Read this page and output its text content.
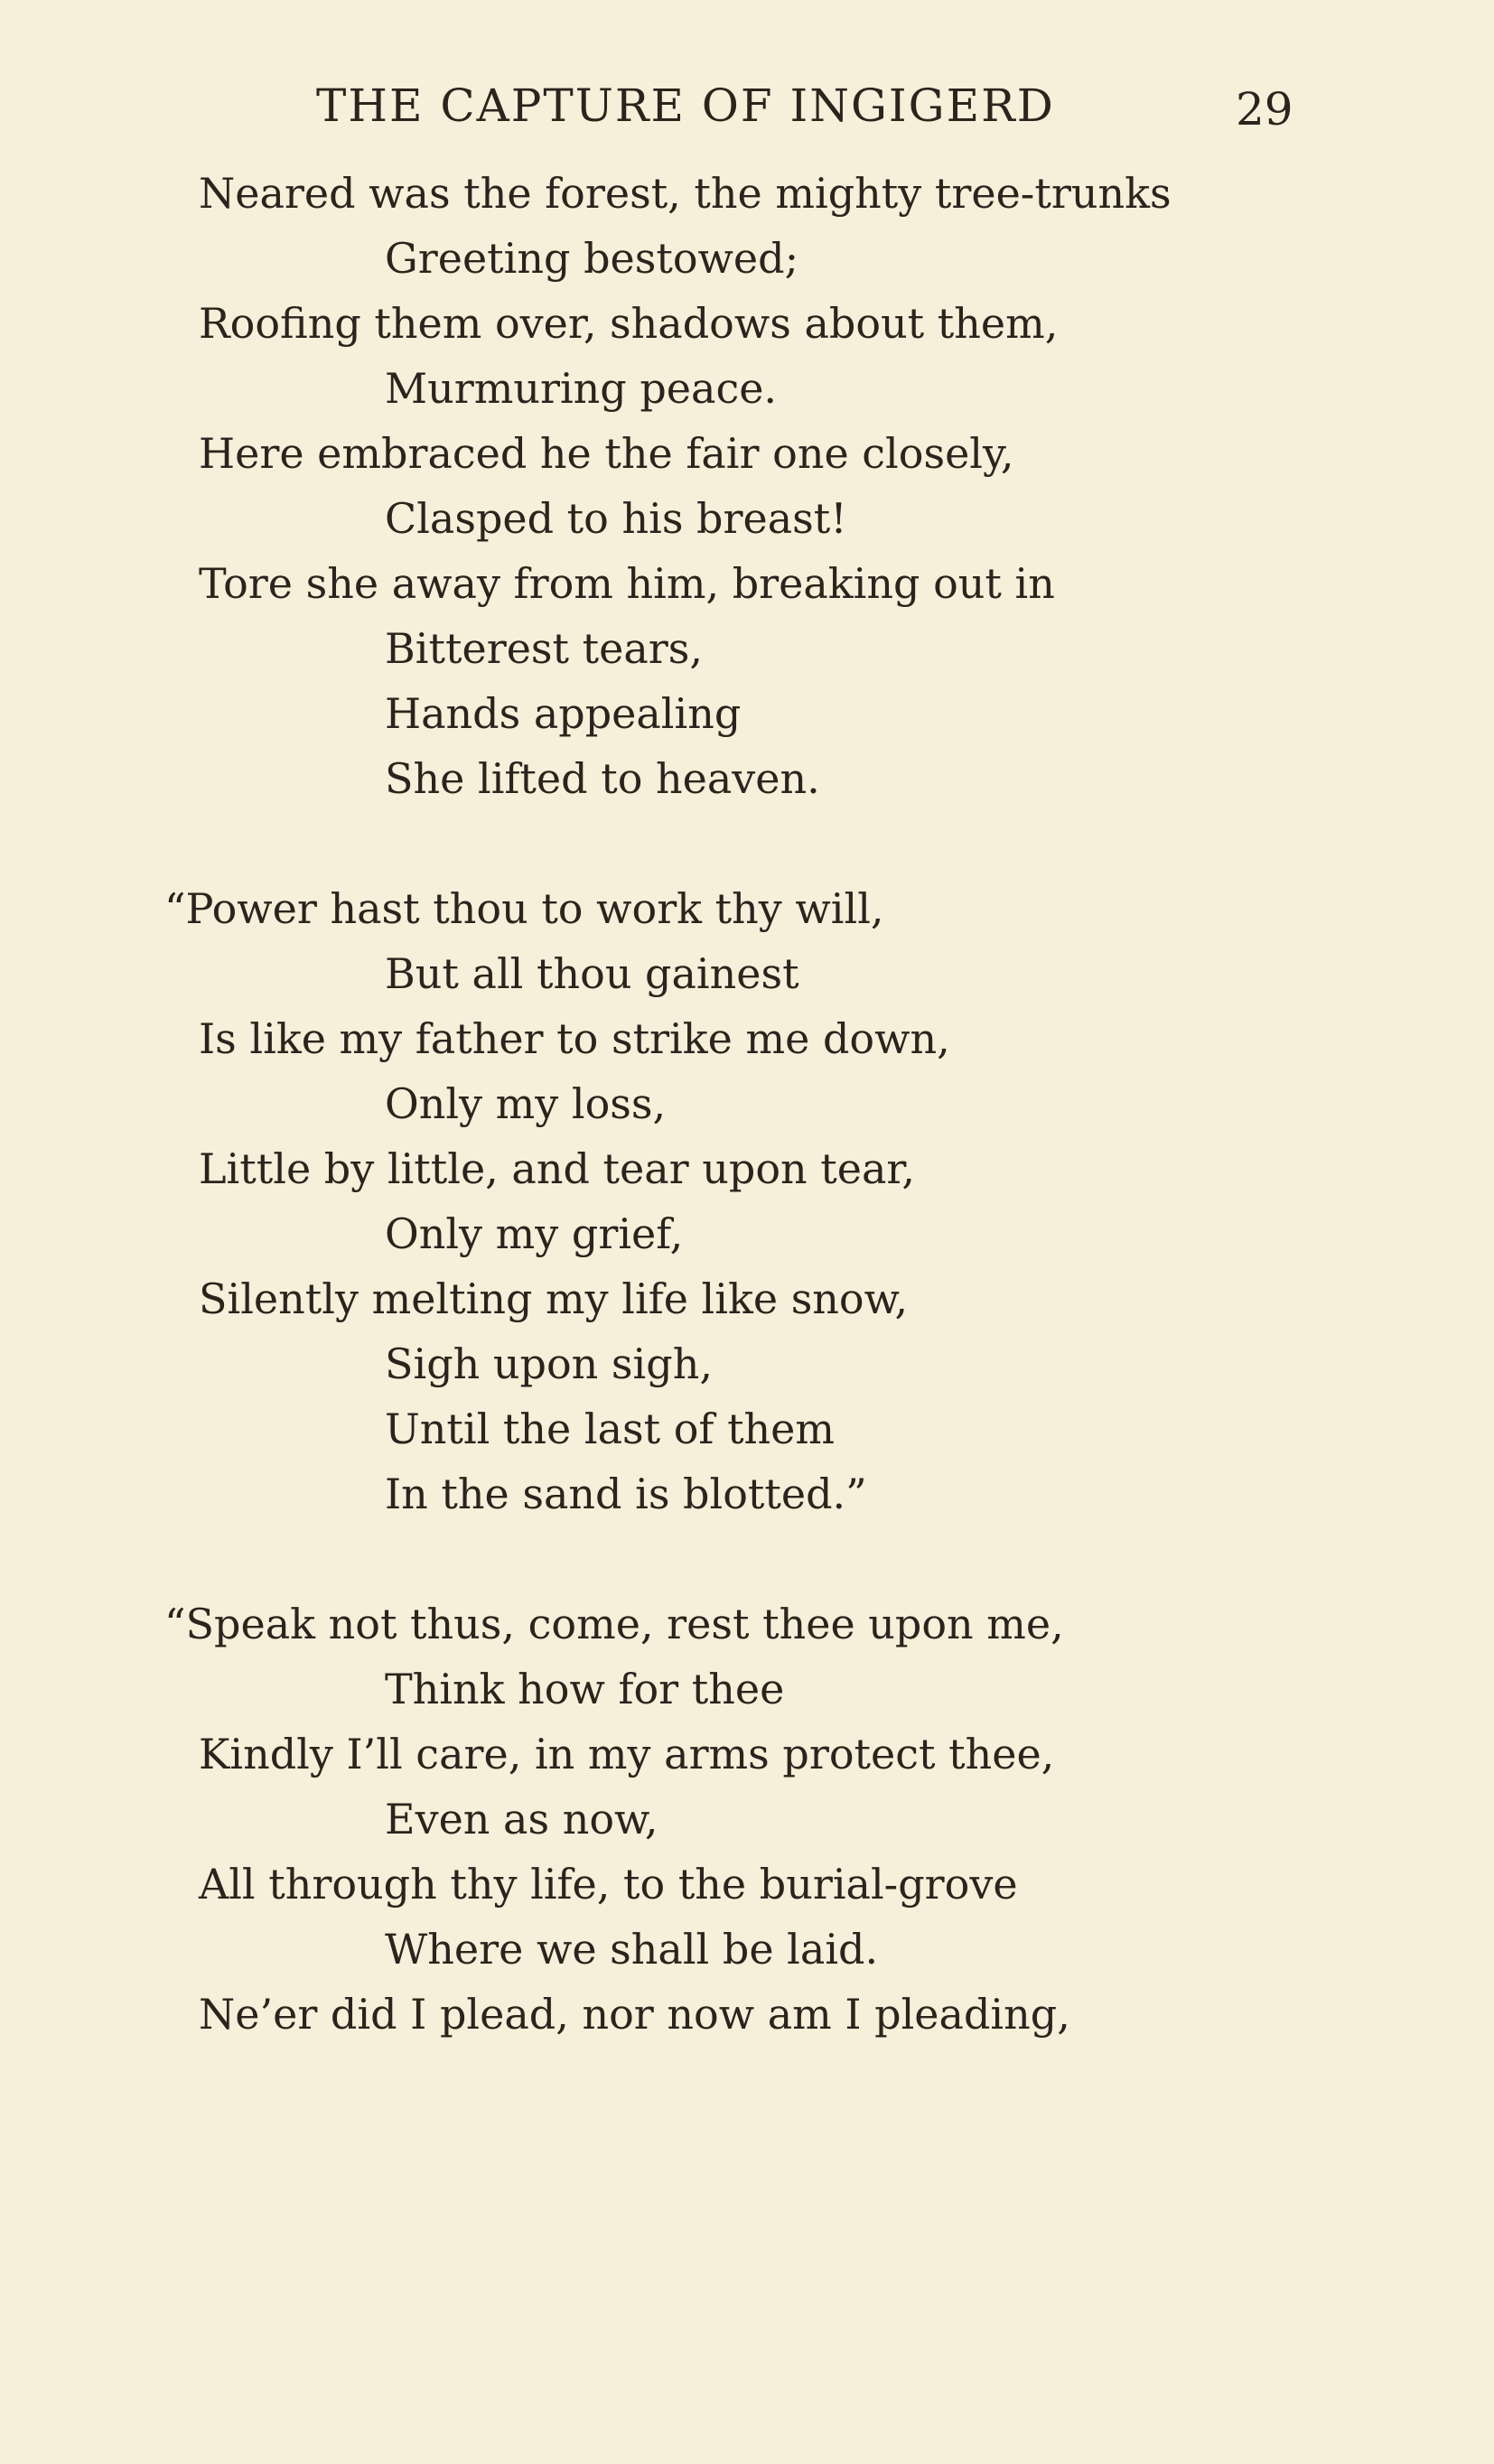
THE CAPTURE OF INGIGERD	29
Neared was the forest, the mighty tree-trunks
Greeting bestowed;
Roofing them over, shadows about them,
Murmuring peace.
Here embraced he the fair one closely,
Clasped to his breast!
Tore she away from him, breaking out in
Bitterest tears,
Hands appealing
She lifted to heaven.
“Power hast thou to work thy will,
But all thou gainest
Is like my father to strike me down,
Only my loss,
Little by little, and tear upon tear,
Only my grief,
Silently melting my life like snow,
Sigh upon sigh,
Until the last of them
In the sand is blotted.”
“Speak not thus, come, rest thee upon me,
Think how for thee
Kindly I’ll care, in my arms protect thee,
Even as now,
All through thy life, to the burial-grove
Where we shall be laid.
Ne’er did I plead, nor now am I pleading,
